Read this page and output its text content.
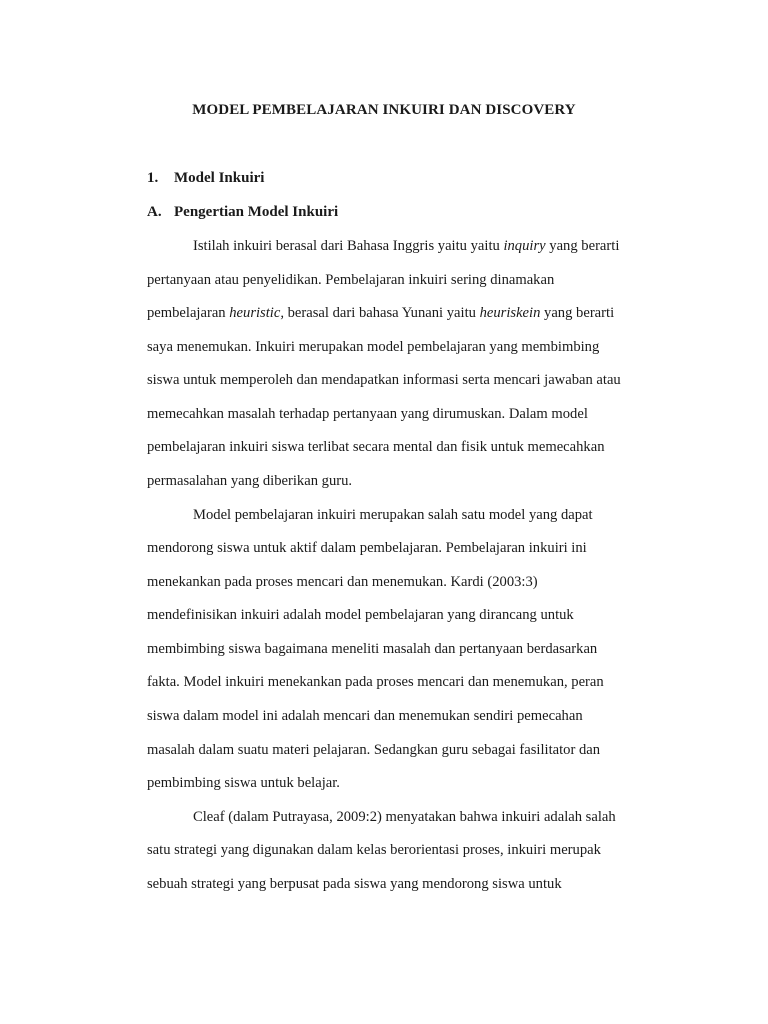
MODEL PEMBELAJARAN INKUIRI DAN DISCOVERY
1. Model Inkuiri
A. Pengertian Model Inkuiri
Istilah inkuiri berasal dari Bahasa Inggris yaitu yaitu inquiry yang berarti
pertanyaan atau penyelidikan. Pembelajaran inkuiri sering dinamakan
pembelajaran heuristic, berasal dari bahasa Yunani yaitu heuriskein yang berarti
saya menemukan. Inkuiri merupakan model pembelajaran yang membimbing
siswa untuk memperoleh dan mendapatkan informasi serta mencari jawaban atau
memecahkan masalah terhadap pertanyaan yang dirumuskan. Dalam model
pembelajaran inkuiri siswa terlibat secara mental dan fisik untuk memecahkan
permasalahan yang diberikan guru.
Model pembelajaran inkuiri merupakan salah satu model yang dapat
mendorong siswa untuk aktif dalam pembelajaran. Pembelajaran inkuiri ini
menekankan pada proses mencari dan menemukan. Kardi (2003:3)
mendefinisikan inkuiri adalah model pembelajaran yang dirancang untuk
membimbing siswa bagaimana meneliti masalah dan pertanyaan berdasarkan
fakta. Model inkuiri menekankan pada proses mencari dan menemukan, peran
siswa dalam model ini adalah mencari dan menemukan sendiri pemecahan
masalah dalam suatu materi pelajaran. Sedangkan guru sebagai fasilitator dan
pembimbing siswa untuk belajar.
Cleaf (dalam Putrayasa, 2009:2) menyatakan bahwa inkuiri adalah salah
satu strategi yang digunakan dalam kelas berorientasi proses, inkuiri merupak
sebuah strategi yang berpusat pada siswa yang mendorong siswa untuk
